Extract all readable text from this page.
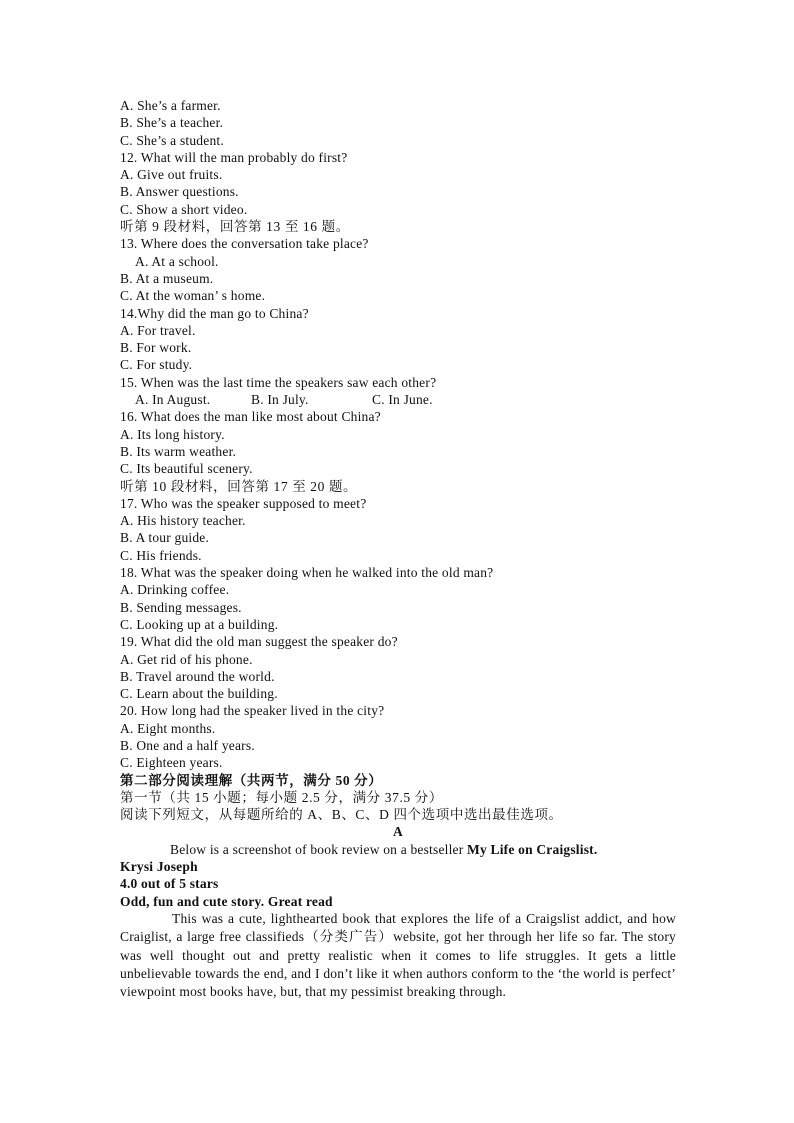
A. She’s a farmer.
B. She’s a teacher.
C. She’s a student.
12. What will the man probably do first?
A. Give out fruits.
B. Answer questions.
C. Show a short video.
听第 9 段材料，回答第 13 至 16 题。
13. Where does the conversation take place?
A. At a school.
B. At a museum.
C. At the woman’ s home.
14.Why did the man go to China?
A. For travel.
B. For work.
C. For study.
15. When was the last time the speakers saw each other?
A. In August.	B. In July.	C. In June.
16. What does the man like most about China?
A. Its long history.
B. Its warm weather.
C. Its beautiful scenery.
听第 10 段材料，回答第 17 至 20 题。
17. Who was the speaker supposed to meet?
A. His history teacher.
B. A tour guide.
C. His friends.
18. What was the speaker doing when he walked into the old man?
A. Drinking coffee.
B. Sending messages.
C. Looking up at a building.
19. What did the old man suggest the speaker do?
A. Get rid of his phone.
B. Travel around the world.
C. Learn about the building.
20. How long had the speaker lived in the city?
A. Eight months.
B. One and a half years.
C. Eighteen years.
第二部分阅读理解（共两节，满分 50 分）
第一节（共 15 小题；每小题 2.5 分，满分 37.5 分）
阅读下列短文，从每题所给的 A、B、C、D 四个选项中选出最佳选项。
A
Below is a screenshot of book review on a bestseller My Life on Craigslist.
Krysi Joseph
4.0 out of 5 stars
Odd, fun and cute story. Great read
This was a cute, lighthearted book that explores the life of a Craigslist addict, and how Craiglist, a large free classifieds（分类广告）website, got her through her life so far. The story was well thought out and pretty realistic when it comes to life struggles. It gets a little unbelievable towards the end, and I don’t like it when authors conform to the ‘the world is perfect’ viewpoint most books have, but, that my pessimist breaking through.
